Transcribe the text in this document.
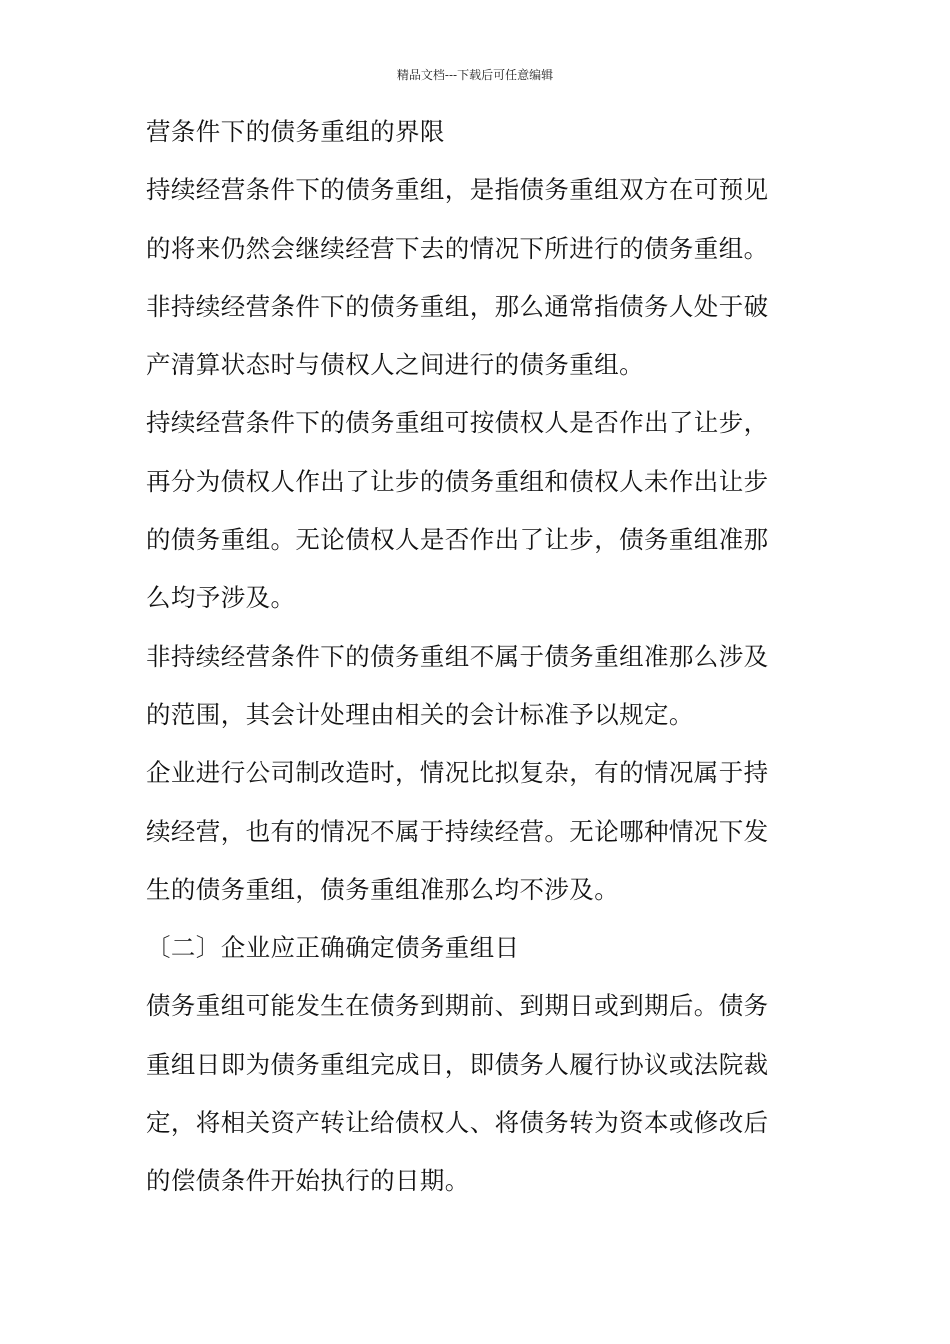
精品文档---下载后可任意编辑
营条件下的债务重组的界限
持续经营条件下的债务重组，是指债务重组双方在可预见
的将来仍然会继续经营下去的情况下所进行的债务重组。
非持续经营条件下的债务重组，那么通常指债务人处于破
产清算状态时与债权人之间进行的债务重组。
持续经营条件下的债务重组可按债权人是否作出了让步，
再分为债权人作出了让步的债务重组和债权人未作出让步
的债务重组。无论债权人是否作出了让步，债务重组准那
么均予涉及。
非持续经营条件下的债务重组不属于债务重组准那么涉及
的范围，其会计处理由相关的会计标准予以规定。
企业进行公司制改造时，情况比拟复杂，有的情况属于持
续经营，也有的情况不属于持续经营。无论哪种情况下发
生的债务重组，债务重组准那么均不涉及。
〔二〕企业应正确确定债务重组日
债务重组可能发生在债务到期前、到期日或到期后。债务
重组日即为债务重组完成日，即债务人履行协议或法院裁
定，将相关资产转让给债权人、将债务转为资本或修改后
的偿债条件开始执行的日期。
